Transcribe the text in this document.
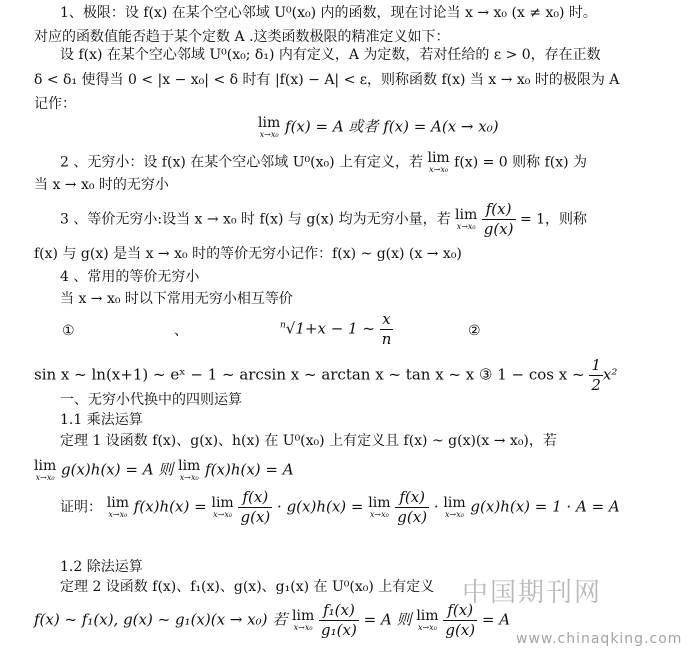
1、极限：设 f(x) 在某个空心邻域 U⁰(x₀) 内的函数，现在讨论当 x → x₀ (x ≠ x₀) 时。
对应的函数值能否趋于某个定数 A .这类函数极限的精准定义如下：
设 f(x) 在某个空心邻域 U⁰(x₀; δ₁) 内有定义，A 为定数，若对任给的 ε > 0，存在正数
δ < δ₁ 使得当 0 < |x − x₀| < δ 时有 |f(x) − A| < ε，则称函数 f(x) 当 x → x₀ 时的极限为 A
记作：
lim
x→x₀ f(x) = A 或者 f(x) = A(x → x₀)
2 、无穷小：设 f(x) 在某个空心邻域 U⁰(x₀) 上有定义，若 lim
x→x₀ f(x) = 0 则称 f(x) 为
当 x → x₀ 时的无穷小
3 、等价无穷小:设当 x → x₀ 时 f(x) 与 g(x) 均为无穷小量，若 lim
x→x₀
$\frac{f(x)}{g(x)} = 1$，则称
f(x) 与 g(x) 是当 x → x₀ 时的等价无穷小记作：f(x) ~ g(x) (x → x₀)
4 、常用的等价无穷小
当 x → x₀ 时以下常用无穷小相互等价
①	、	$^n$√1+x − 1 ~ $\frac{x}{n}$	②
sin x ~ ln(x+1) ~ eˣ − 1 ~ arcsin x ~ arctan x ~ tan x ~ x ③ 1 − cos x ~ $\frac{1}{2} x^2$
一、无穷小代换中的四则运算
1.1 乘法运算
定理 1 设函数 f(x)、g(x)、h(x) 在 U⁰(x₀) 上有定义且 f(x) ~ g(x)(x → x₀)，若
lim
x→x₀ g(x)h(x) = A 则 lim
x→x₀ f(x)h(x) = A
证明： lim
x→x₀ f(x)h(x) = lim
x→x₀
$\frac{f(x)}{g(x)} \cdot g(x)h(x) = \lim$
x→x₀
$\frac{f(x)}{g(x)} \cdot \lim$
x→x₀ g(x)h(x) = 1 · A = A
1.2 除法运算
定理 2 设函数 f(x)、f₁(x)、g(x)、g₁(x) 在 U⁰(x₀) 上有定义
f(x) ~ f₁(x), g(x) ~ g₁(x)(x → x₀) 若 lim
x→x₀
$\frac{\text{f₁(x)}}{\text{g₁(x)}} = A$ 则 lim
x→x₀
$\frac{f(x)}{g(x)} = A$
中国期刊网
www.chinaqking.com
